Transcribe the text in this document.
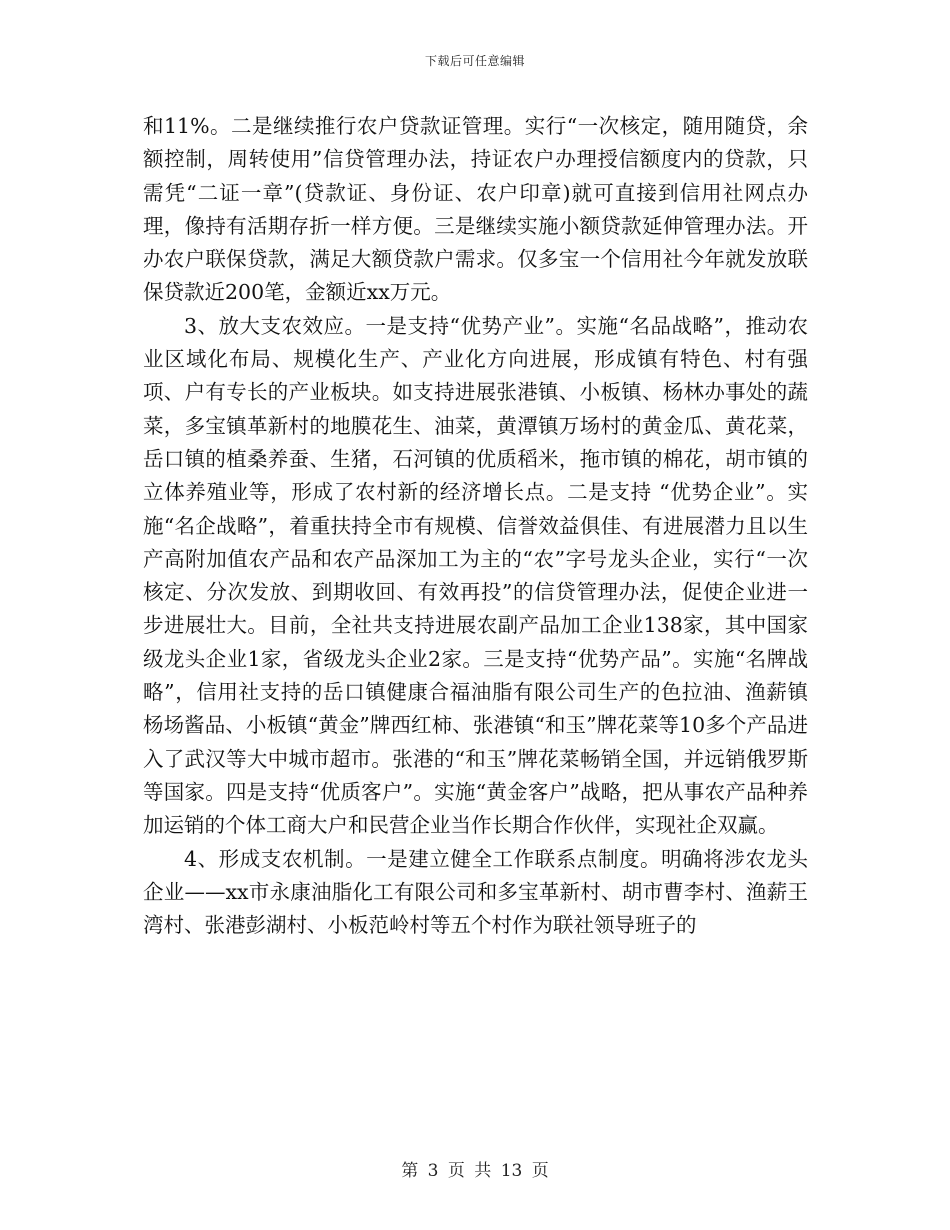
下载后可任意编辑

和11%。二是继续推行农户贷款证管理。实行“一次核定，随用随贷，余额控制，周转使用”信贷管理办法，持证农户办理授信额度内的贷款，只需凭“二证一章”(贷款证、身份证、农户印章)就可直接到信用社网点办理，像持有活期存折一样方便。三是继续实施小额贷款延伸管理办法。开办农户联保贷款，满足大额贷款户需求。仅多宝一个信用社今年就发放联保贷款近200笔，金额近xx万元。

3、放大支农效应。一是支持“优势产业”。实施“名品战略”，推动农业区域化布局、规模化生产、产业化方向进展，形成镇有特色、村有强项、户有专长的产业板块。如支持进展张港镇、小板镇、杨林办事处的蔬菜，多宝镇革新村的地膜花生、油菜，黄潭镇万场村的黄金瓜、黄花菜，岳口镇的植桑养蚕、生猪，石河镇的优质稻米，拖市镇的棉花，胡市镇的立体养殖业等，形成了农村新的经济增长点。二是支持 “优势企业”。实施“名企战略”，着重扶持全市有规模、信誉效益俱佳、有进展潜力且以生产高附加值农产品和农产品深加工为主的“农”字号龙头企业，实行“一次核定、分次发放、到期收回、有效再投”的信贷管理办法，促使企业进一步进展壮大。目前，全社共支持进展农副产品加工企业138家，其中国家级龙头企业1家，省级龙头企业2家。三是支持“优势产品”。实施“名牌战略”，信用社支持的岳口镇健康合福油脂有限公司生产的色拉油、渔薪镇杨场酱品、小板镇“黄金”牌西红柿、张港镇“和玉”牌花菜等10多个产品进入了武汉等大中城市超市。张港的“和玉”牌花菜畅销全国，并远销俄罗斯等国家。四是支持“优质客户”。实施“黄金客户”战略，把从事农产品种养加运销的个体工商大户和民营企业当作长期合作伙伴，实现社企双赢。

4、形成支农机制。一是建立健全工作联系点制度。明确将涉农龙头企业——xx市永康油脂化工有限公司和多宝革新村、胡市曹李村、渔薪王湾村、张港彭湖村、小板范岭村等五个村作为联社领导班子的

第 3 页 共 13 页
